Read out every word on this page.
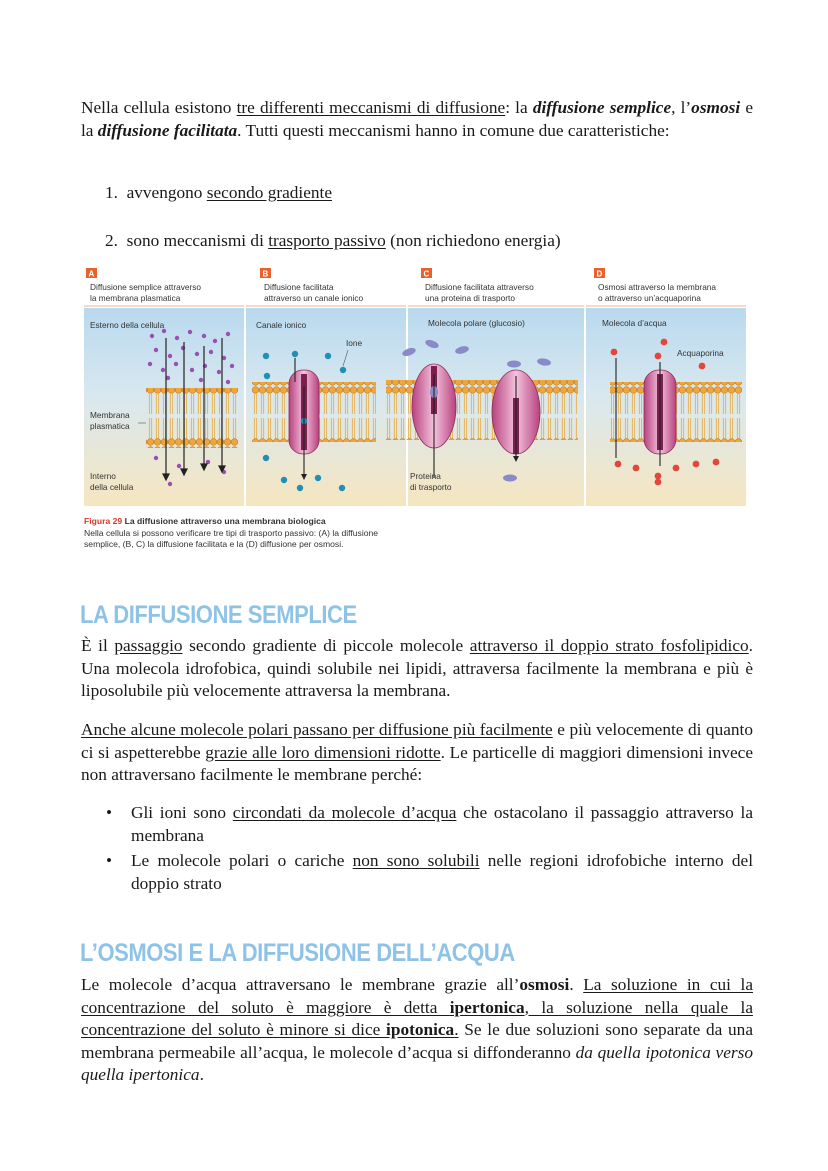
Nella cellula esistono tre differenti meccanismi di diffusione: la diffusione semplice, l’osmosi e la diffusione facilitata. Tutti questi meccanismi hanno in comune due caratteristiche:
1. avvengono secondo gradiente
2. sono meccanismi di trasporto passivo (non richiedono energia)
A
Diffusione semplice attraverso
la membrana plasmatica
B
Diffusione facilitata
attraverso un canale ionico
C
Diffusione facilitata attraverso
una proteina di trasporto
D
Osmosi attraverso la membrana
o attraverso un’acquaporina
Esterno della cellula
Membrana
plasmatica
Interno
della cellula
Canale ionico
Ione
Molecola polare (glucosio)
Proteina
di trasporto
Molecola d’acqua
Acquaporina
Figura 29 La diffusione attraverso una membrana biologica
Nella cellula si possono verificare tre tipi di trasporto passivo: (A) la diffusione
semplice, (B, C) la diffusione facilitata e la (D) diffusione per osmosi.
LA DIFFUSIONE SEMPLICE
È il passaggio secondo gradiente di piccole molecole attraverso il doppio strato fosfolipidico. Una molecola idrofobica, quindi solubile nei lipidi, attraversa facilmente la membrana e più è liposolubile più velocemente attraversa la membrana.
Anche alcune molecole polari passano per diffusione più facilmente e più velocemente di quanto ci si aspetterebbe grazie alle loro dimensioni ridotte. Le particelle di maggiori dimensioni invece non attraversano facilmente le membrane perché:
• Gli ioni sono circondati da molecole d’acqua che ostacolano il passaggio attraverso la membrana
• Le molecole polari o cariche non sono solubili nelle regioni idrofobiche interno del doppio strato
L’OSMOSI E LA DIFFUSIONE DELL’ACQUA
Le molecole d’acqua attraversano le membrane grazie all’osmosi. La soluzione in cui la concentrazione del soluto è maggiore è detta ipertonica, la soluzione nella quale la concentrazione del soluto è minore si dice ipotonica. Se le due soluzioni sono separate da una membrana permeabile all’acqua, le molecole d’acqua si diffonderanno da quella ipotonica verso quella ipertonica.
